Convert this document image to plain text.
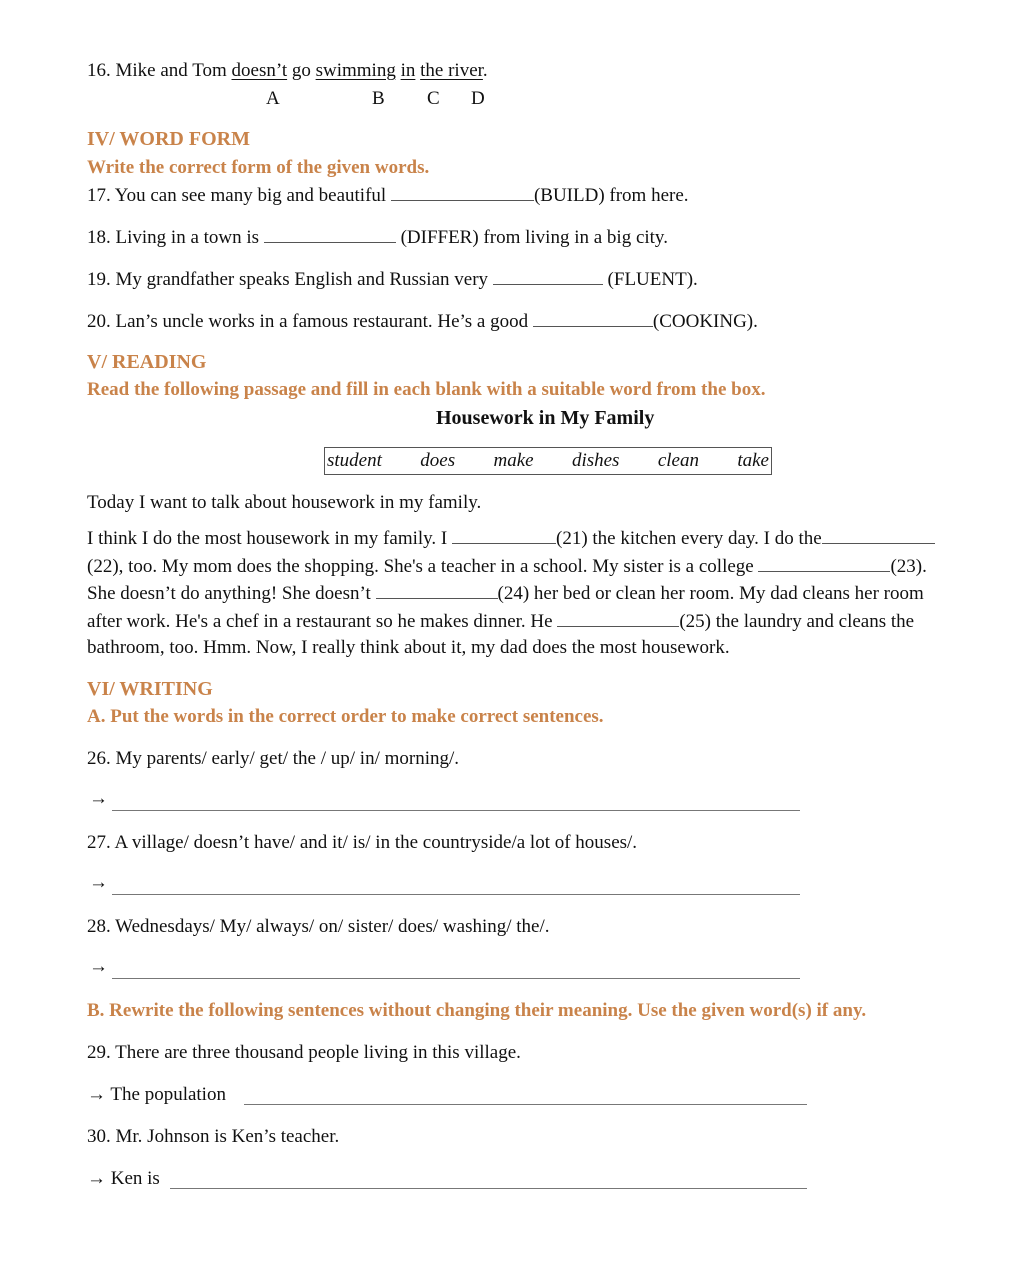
16. Mike and Tom doesn’t go swimming in the river.
A	B C D
IV/ WORD FORM
Write the correct form of the given words.
17. You can see many big and beautiful	(BUILD) from here.
18. Living in a town is	(DIFFER) from living in a big city.
19. My grandfather speaks English and Russian very	(FLUENT).
20. Lan’s uncle works in a famous restaurant. He’s a good	(COOKING).
V/ READING
Read the following passage and fill in each blank with a suitable word from the box.
Housework in My Family
student does make dishes clean take
Today I want to talk about housework in my family.
I think I do the most housework in my family. I	(21) the kitchen every day. I do the
(22), too. My mom does the shopping. She's a teacher in a school. My sister is a college	(23).
She doesn’t do anything! She doesn’t	(24) her bed or clean her room. My dad cleans her room
after work. He's a chef in a restaurant so he makes dinner. He	(25) the laundry and cleans the
bathroom, too. Hmm. Now, I really think about it, my dad does the most housework.
VI/ WRITING
A. Put the words in the correct order to make correct sentences.
26. My parents/ early/ get/ the / up/ in/ morning/.
→
27. A village/ doesn’t have/ and it/ is/ in the countryside/a lot of houses/.
→
28. Wednesdays/ My/ always/ on/ sister/ does/ washing/ the/.
→
B. Rewrite the following sentences without changing their meaning. Use the given word(s) if any.
29. There are three thousand people living in this village.
→ The population
30. Mr. Johnson is Ken’s teacher.
→ Ken is
